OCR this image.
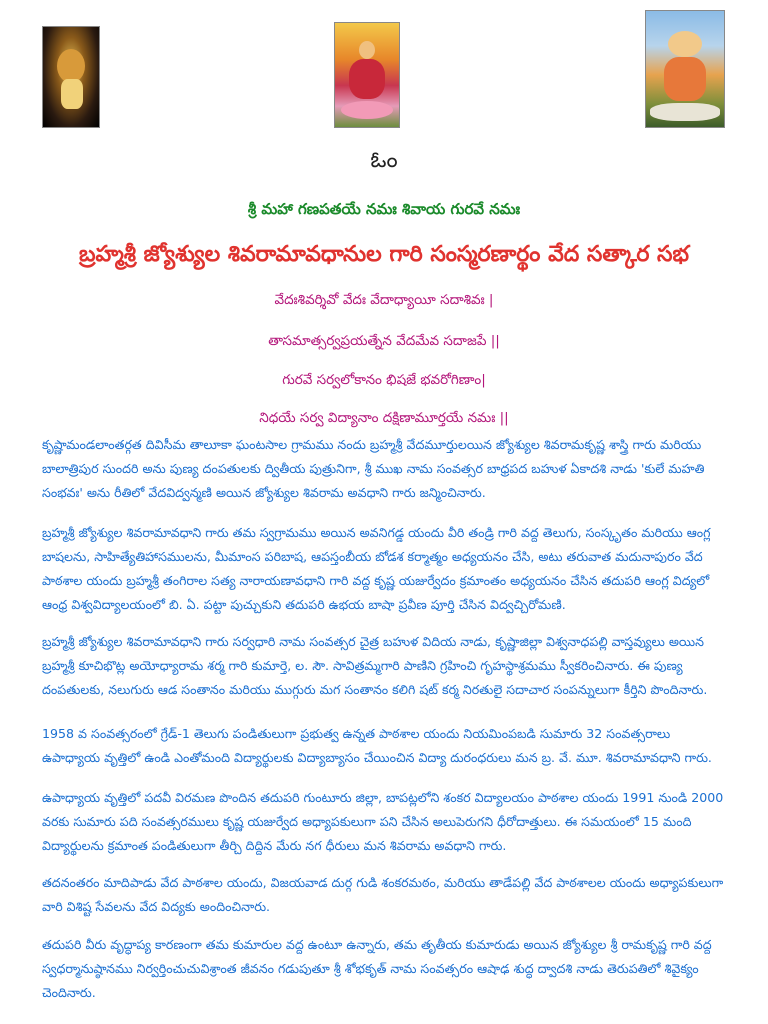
ఓం
శ్రీ మహా గణపతయే నమః శివాయ గురవే నమః
బ్రహ్మశ్రీ జ్యోశ్యుల శివరామావధానుల గారి సంస్మరణార్థం వేద సత్కార సభ
వేదఃశివర్శివో వేదః వేదాధ్యాయీ సదాశివః |
తాసమాత్సర్వప్రయత్నేన వేదమేవ సదాజపే ||
గురవే సర్వలోకానం భిషజే భవరోగిణాం|
నిధయే సర్వ విద్యానాం దక్షిణామూర్తయే నమః ||

కృష్ణామండలాంతర్గత దివిసీమ తాలూకా ఘంటసాల గ్రామము నందు బ్రహ్మశ్రీ వేదమూర్తులయిన జ్యోశ్యుల శివరామకృష్ణ శాస్త్రి గారు మరియు బాలాత్రిపుర సుందరి అను పుణ్య దంపతులకు ద్వితీయ పుత్రునిగా, శ్రీ ముఖ నామ సంవత్సర బాధ్రపద బహుళ ఏకాదశి నాడు 'కులే మహతి సంభవః' అను రీతిలో వేదవిద్వన్మణి అయిన జ్యోశ్యుల శివరామ అవధాని గారు జన్మించినారు.

బ్రహ్మశ్రీ జ్యోశ్యుల శివరామావధాని గారు తమ స్వగ్రామము అయిన అవనిగడ్డ యందు వీరి తండ్రి గారి వద్ద తెలుగు, సంస్కృతం మరియు ఆంగ్ల బాషలను, సాహిత్యేతిహాసములను, మీమాంస పరిబాష, ఆపస్తంబీయ బోడశ కర్మాత్మం అధ్యయనం చేసి, అటు తరువాత మదునాపురం వేద పాఠశాల యందు బ్రహ్మశ్రీ తంగిరాల సత్య నారాయణావధాని గారి వద్ద కృష్ణ యజుర్వేదం క్రమాంతం అధ్యయనం చేసిన తదుపరి ఆంగ్ల విద్యలో ఆంధ్ర విశ్వవిద్యాలయంలో బి. ఏ. పట్టా పుచ్చుకుని తదుపరి ఉభయ బాషా ప్రవీణ పూర్తి చేసిన విద్వచ్చిరోమణి.

బ్రహ్మశ్రీ జ్యోశ్యుల శివరామావధాని గారు సర్వధారి నామ సంవత్సర చైత్ర బహుళ విదియ నాడు, కృష్ణాజిల్లా విశ్వనాధపల్లి వాస్తవ్యులు అయిన బ్రహ్మశ్రీ కూచిభొట్ల అయోధ్యారామ శర్మ గారి కుమార్తె, ల. సౌ. సావిత్రమ్మగారి పాణిని గ్రహించి గృహస్థాశ్రమము స్వీకరించినారు. ఈ పుణ్య దంపతులకు, నలుగురు ఆడ సంతానం మరియు ముగ్గురు మగ సంతానం కలిగి షట్ కర్మ నిరతులై సదాచార సంపన్నులుగా కీర్తిని పొందినారు.

1958 వ సంవత్సరంలో గ్రేడ్-1 తెలుగు పండితులుగా ప్రభుత్వ ఉన్నత పాఠశాల యందు నియమింపబడి సుమారు 32 సంవత్సరాలు ఉపాధ్యాయ వృత్తిలో ఉండి ఎంతోమంది విద్యార్థులకు విద్యాబ్యాసం చేయించిన విద్యా దురంధరులు మన బ్ర. వే. మూ. శివరామావధాని గారు.

ఉపాధ్యాయ వృత్తిలో పదవీ విరమణ పొందిన తదుపరి గుంటూరు జిల్లా, బాపట్లలోని శంకర విద్యాలయం పాఠశాల యందు 1991 నుండి 2000 వరకు సుమారు పది సంవత్సరములు కృష్ణ యజుర్వేద అధ్యాపకులుగా పని చేసిన అలుపెరుగని ధీరోదాత్తులు. ఈ సమయంలో 15 మంది విద్యార్థులను క్రమాంత పండితులుగా తీర్చి దిద్దిన మేరు నగ ధీరులు మన శివరామ అవధాని గారు.

తదనంతరం మాదిపాడు వేద పాఠశాల యందు, విజయవాడ దుర్గ గుడి శంకరమఠం, మరియు తాడేపల్లి వేద పాఠశాలల యందు అధ్యాపకులుగా వారి విశిష్ట సేవలను వేద విద్యకు అందించినారు.

తదుపరి వీరు వృద్ధాప్య కారణంగా తమ కుమారుల వద్ద ఉంటూ ఉన్నారు, తమ తృతీయ కుమారుడు అయిన జ్యోశ్యుల శ్రీ రామకృష్ణ గారి వద్ద స్వధర్మానుష్ఠానము నిర్వర్తించుచువిశ్రాంత జీవనం గడుపుతూ శ్రీ శోభకృత్ నామ సంవత్సరం ఆషాఢ శుద్ధ ద్వాదశి నాడు తెరుపతిలో శివైక్యం చెందినారు.
